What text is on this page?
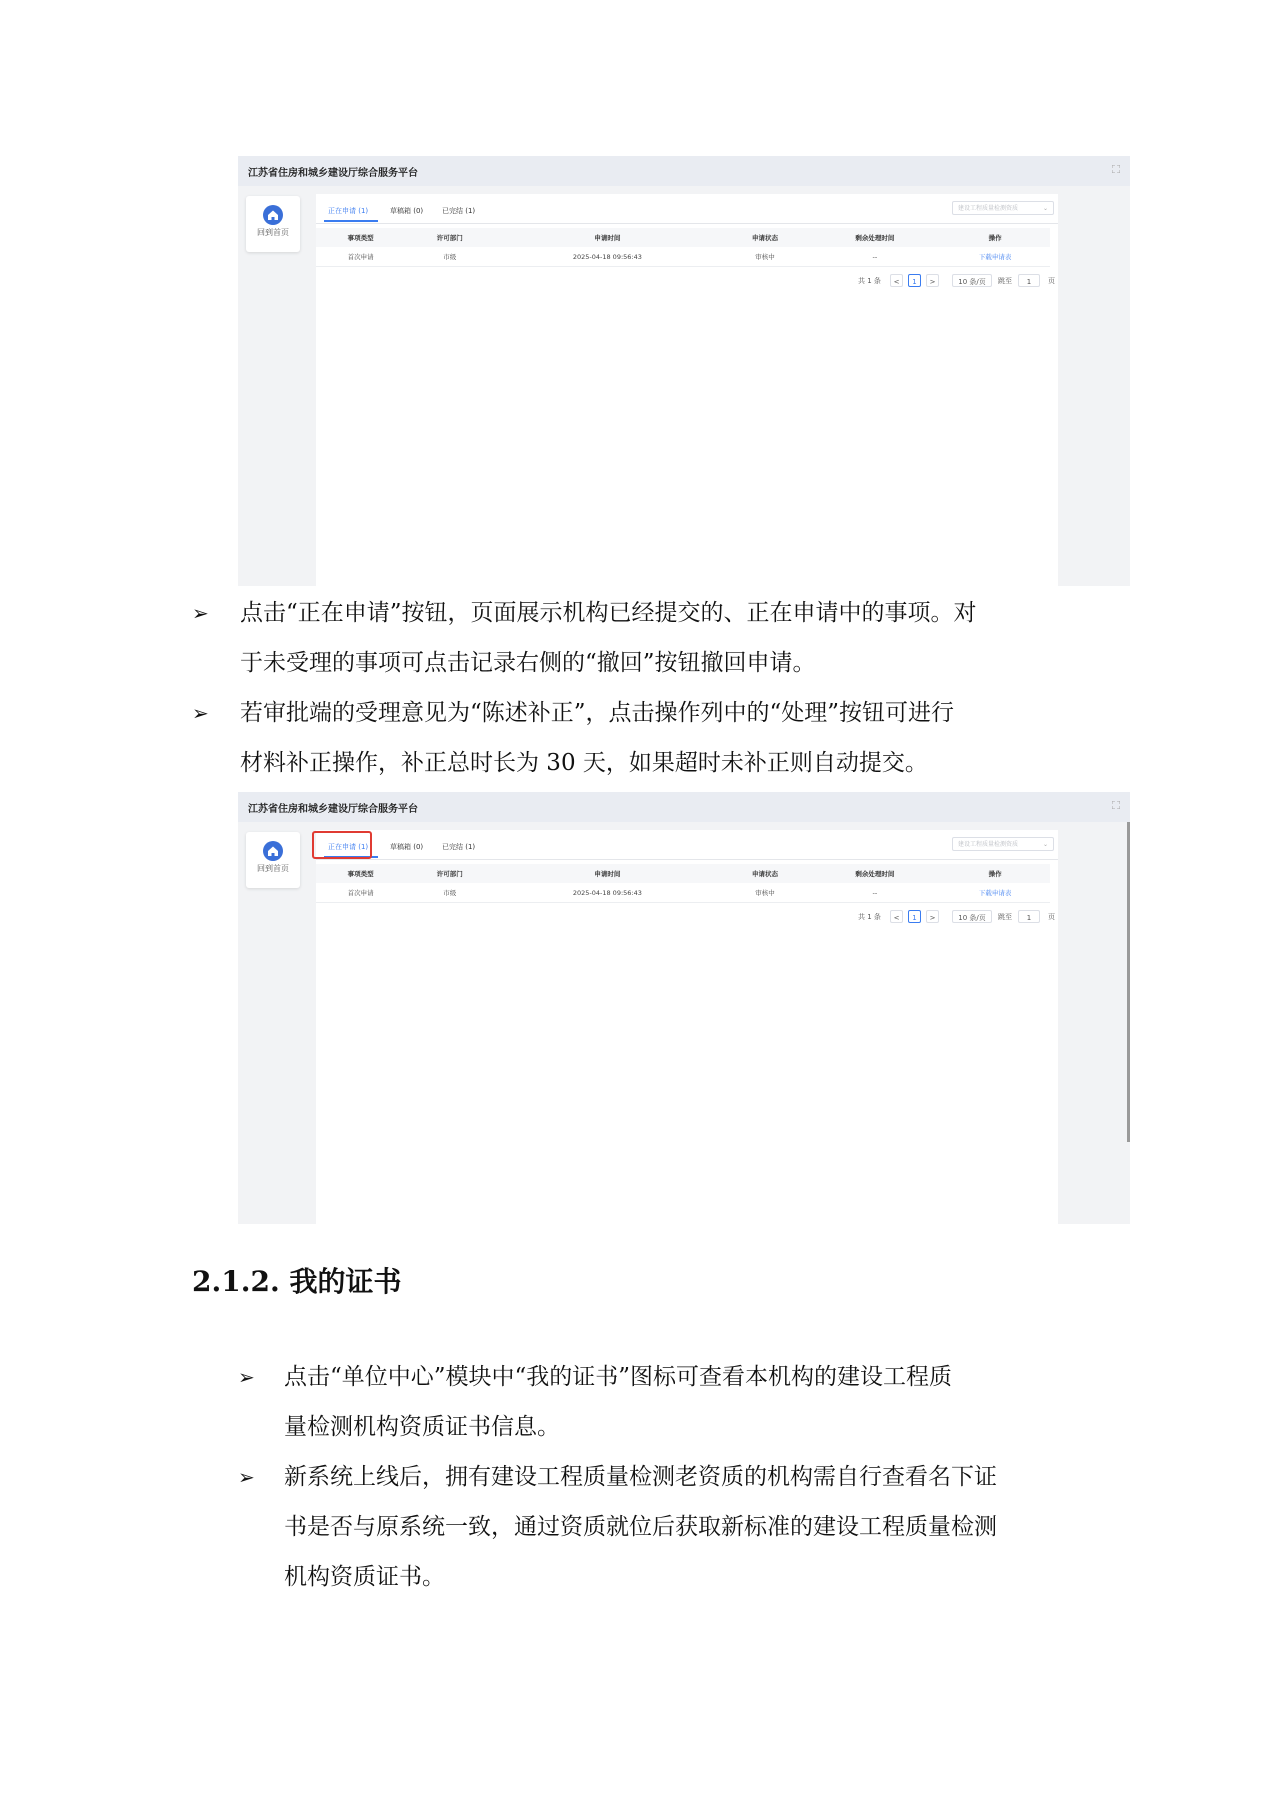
江苏省住房和城乡建设厅综合服务平台
回到首页
正在申请 (1)	草稿箱 (0)	已完结 (1)	建设工程质量检测资质	⌄
事项类型	许可部门	申请时间	申请状态	剩余处理时间	操作
首次申请	市级	2025-04-18 09:56:43	审核中	--	下载申请表
共 1 条	<	1	>	10 条/页	跳至	1	页
➢ 点击“正在申请”按钮，页面展示机构已经提交的、正在申请中的事项。对
于未受理的事项可点击记录右侧的“撤回”按钮撤回申请。
➢ 若审批端的受理意见为“陈述补正”，点击操作列中的“处理”按钮可进行
材料补正操作，补正总时长为 30 天，如果超时未补正则自动提交。
江苏省住房和城乡建设厅综合服务平台
回到首页
正在申请 (1)	草稿箱 (0)	已完结 (1)	建设工程质量检测资质	⌄
事项类型	许可部门	申请时间	申请状态	剩余处理时间	操作
首次申请	市级	2025-04-18 09:56:43	审核中	--	下载申请表
共 1 条	<	1	>	10 条/页	跳至	1	页
2.1.2. 我的证书
➢ 点击“单位中心”模块中“我的证书”图标可查看本机构的建设工程质
量检测机构资质证书信息。
➢ 新系统上线后，拥有建设工程质量检测老资质的机构需自行查看名下证
书是否与原系统一致，通过资质就位后获取新标准的建设工程质量检测
机构资质证书。
